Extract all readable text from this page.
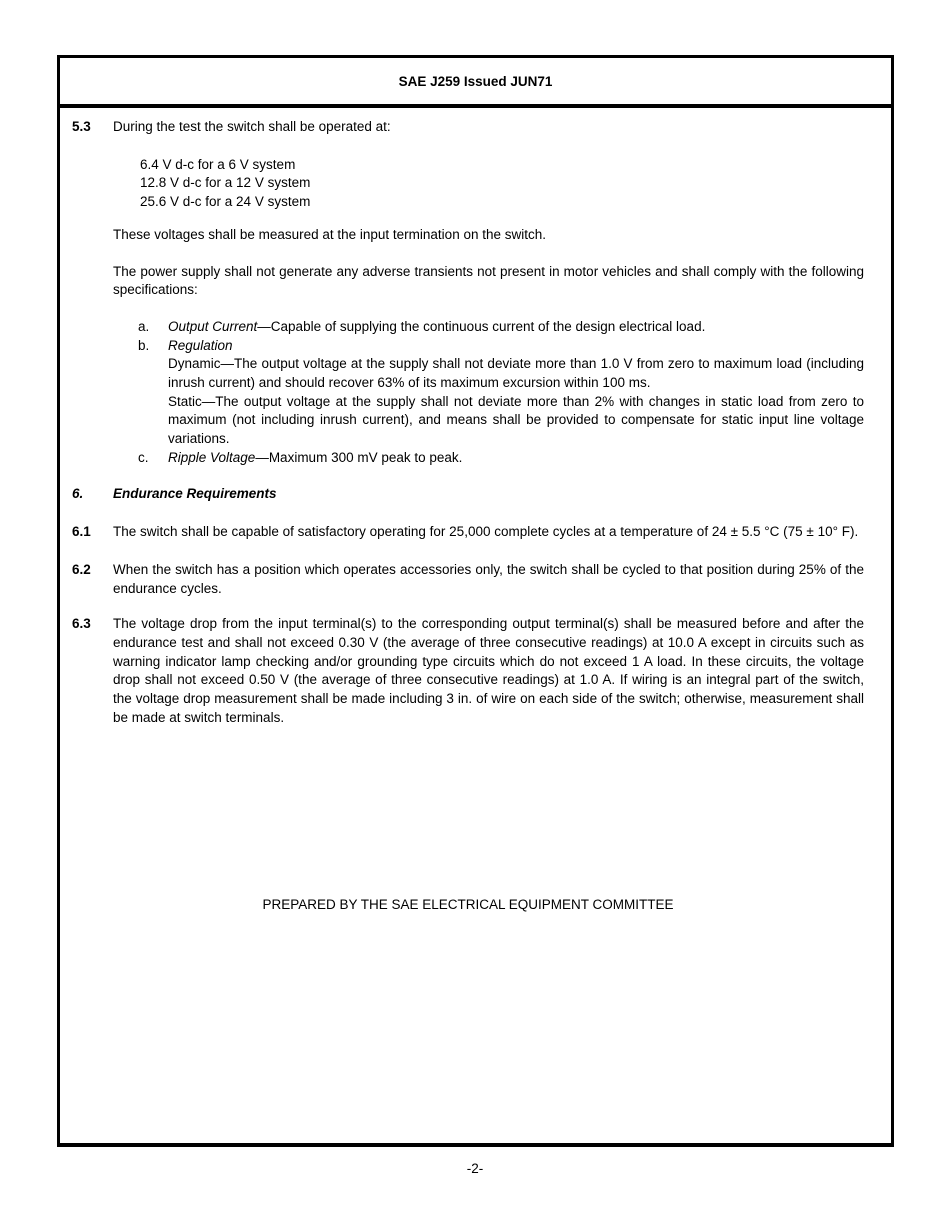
SAE J259 Issued JUN71
5.3	During the test the switch shall be operated at:
6.4 V d-c for a 6 V system
12.8 V d-c for a 12 V system
25.6 V d-c for a 24 V system
These voltages shall be measured at the input termination on the switch.
The power supply shall not generate any adverse transients not present in motor vehicles and shall comply with the following specifications:
a.	Output Current—Capable of supplying the continuous current of the design electrical load.
b.	Regulation
Dynamic—The output voltage at the supply shall not deviate more than 1.0 V from zero to maximum load (including inrush current) and should recover 63% of its maximum excursion within 100 ms.
Static—The output voltage at the supply shall not deviate more than 2% with changes in static load from zero to maximum (not including inrush current), and means shall be provided to compensate for static input line voltage variations.
c.	Ripple Voltage—Maximum 300 mV peak to peak.
6.	Endurance Requirements
6.1	The switch shall be capable of satisfactory operating for 25,000 complete cycles at a temperature of 24 ± 5.5 °C (75 ± 10° F).
6.2	When the switch has a position which operates accessories only, the switch shall be cycled to that position during 25% of the endurance cycles.
6.3	The voltage drop from the input terminal(s) to the corresponding output terminal(s) shall be measured before and after the endurance test and shall not exceed 0.30 V (the average of three consecutive readings) at 10.0 A except in circuits such as warning indicator lamp checking and/or grounding type circuits which do not exceed 1 A load. In these circuits, the voltage drop shall not exceed 0.50 V (the average of three consecutive readings) at 1.0 A. If wiring is an integral part of the switch, the voltage drop measurement shall be made including 3 in. of wire on each side of the switch; otherwise, measurement shall be made at switch terminals.
PREPARED BY THE SAE ELECTRICAL EQUIPMENT COMMITTEE
-2-
